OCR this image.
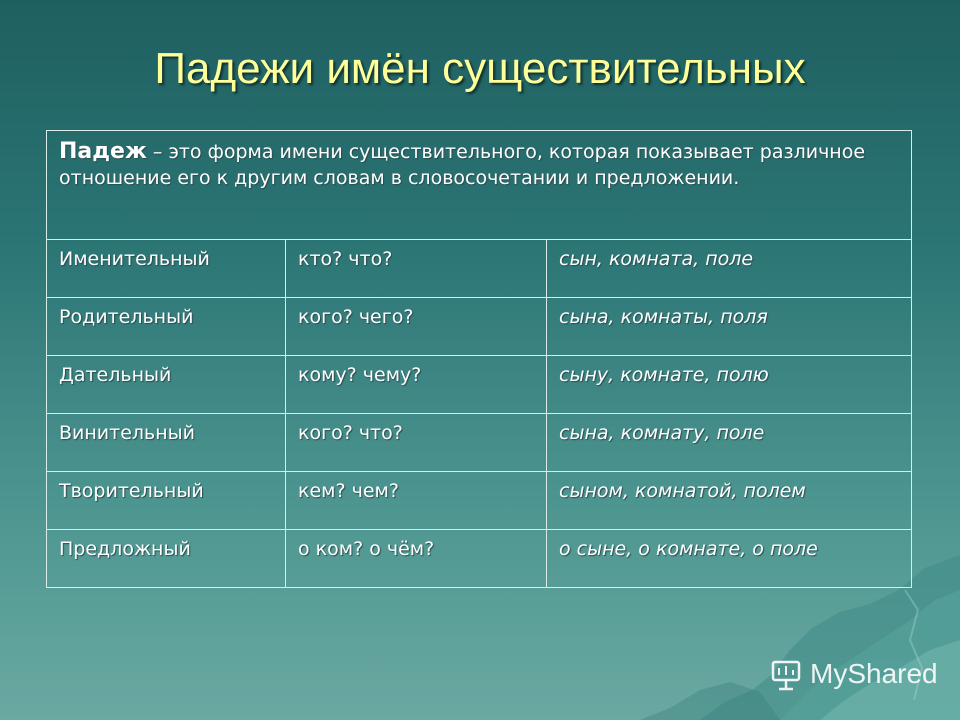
Падежи имён существительных
Падеж – это форма имени существительного, которая показывает различное отношение его к другим словам в словосочетании и предложении.		
Именительный	кто? что?	сын, комната, поле
Родительный	кого? чего?	сына, комнаты, поля
Дательный	кому? чему?	сыну, комнате, полю
Винительный	кого? что?	сына, комнату, поле
Творительный	кем? чем?	сыном, комнатой, полем
Предложный	о ком? о чём?	о сыне, о комнате, о поле
MyShared
